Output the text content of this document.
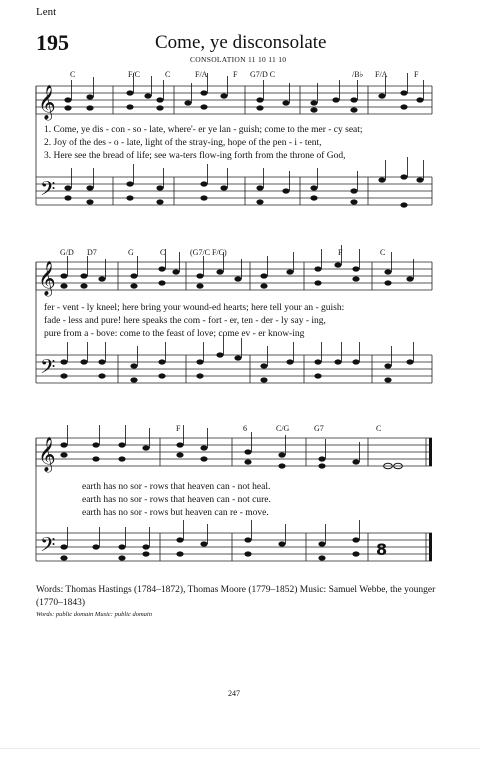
Lent
195	Come, ye disconsolate
CONSOLATION 11 10 11 10
C	F/C	C	F/A	F G7/D C	/B♭ F/A	F
𝄞
1. Come, ye dis - con - so - late, where'- er ye lan - guish; come to the mer - cy seat;
2. Joy of the des - o - late, light of the stray-ing, hope of the pen - i - tent,
3. Here see the bread of life; see wa-ters flow-ing forth from the throne of God,
𝄢
G/D D7	G	C	(G7/C F/C)	F	C
𝄞
fer - vent - ly kneel; here bring your wound-ed hearts; here tell your an - guish:
fade - less and pure! here speaks the com - fort - er, ten - der - ly say - ing,
pure from a - bove: come to the feast of love; come ev - er know-ing
𝄢
F	6	C/G	G7	C
𝄞
earth has no sor - rows that heaven can - not heal.
earth has no sor - rows that heaven can - not cure.
earth has no sor - rows but heaven can re - move.
𝄢	8
Words: Thomas Hastings (1784–1872), Thomas Moore (1779–1852) Music: Samuel Webbe, the younger (1770–1843)
Words: public domain Music: public domain
247
